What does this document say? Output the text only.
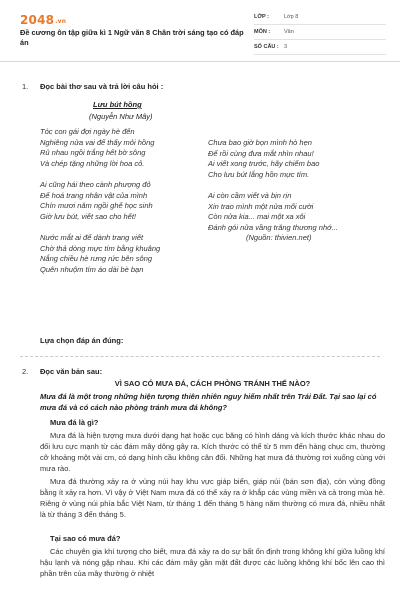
2048.vn
Đề cương ôn tập giữa kì 1 Ngữ văn 8 Chân trời sáng tạo có đáp án
LỚP :	Lớp 8
MÔN :	Văn
SỐ CÂU : 3
1. Đọc bài thơ sau và trả lời câu hỏi :
Lưu bút hồng
(Nguyễn Như Mây)
Tóc con gái đợi ngày hè đến
Nghiêng nửa vai để thấy mỏi hồng
Rủ nhau ngồi trắng hết bờ sông
Và chép tặng những lời hoa cỏ.
Ai cũng hái theo cành phượng đỏ
Để hoá trang nhân vật của mình
Chín mươi năm ngồi ghế học sinh
Giờ lưu bút, viết sao cho hết!
Nước mắt ai để dành trang viết
Chờ thả dòng mực tím bằng khuâng
Nắng chiều hè rưng rức bên sông
Quên nhuộm tím áo dài bè bạn
Chưa bao giờ bọn mình hò hẹn
Để rồi cùng đưa mắt nhìn nhau!
Ai viết xong trước, hãy chiếm bao
Cho lưu bút lắng hồn mực tím.
Ai còn cầm viết và bịn rịn
Xin trao mình một nửa mối cười
Còn nửa kia... mai một xa xôi
Đánh gói nửa vầng trăng thương nhớ...
(Nguồn: thivien.net)
Lựa chọn đáp án đúng:
2. Đọc văn bản sau:
VÌ SAO CÓ MƯA ĐÁ, CÁCH PHÒNG TRÁNH THẾ NÀO?
Mưa đá là một trong những hiện tượng thiên nhiên nguy hiểm nhất trên Trái Đất. Tại sao lại có mưa đá và có cách nào phòng tránh mưa đá không?
Mưa đá là gì?
Mưa đá là hiện tượng mưa dưới dạng hạt hoặc cục băng có hình dáng và kích thước khác nhau do đối lưu cực mạnh từ các đám mây dông gây ra. Kích thước có thể từ 5 mm đến hàng chục cm, thường cỡ khoảng một vài cm, có dạng hình cầu không cân đối. Những hạt mưa đá thường rơi xuống cùng với mưa rào.
Mưa đá thường xảy ra ở vùng núi hay khu vực giáp biển, giáp núi (bán sơn địa), còn vùng đồng bằng ít xảy ra hơn. Vì vậy ở Việt Nam mưa đá có thể xảy ra ở khắp các vùng miền và cả trong mùa hè. Riêng ở vùng núi phía bắc Việt Nam, từ tháng 1 đến tháng 5 hàng năm thường có mưa đá, nhiều nhất là từ tháng 3 đến tháng 5.
Tại sao có mưa đá?
Các chuyên gia khí tượng cho biết, mưa đá xảy ra do sự bất ổn định trong không khí giữa luồng khí hậu lạnh và nóng gặp nhau. Khi các đám mây gần mặt đất được các luồng không khí bốc lên cao thì phần trên của mây thường ở nhiệt
